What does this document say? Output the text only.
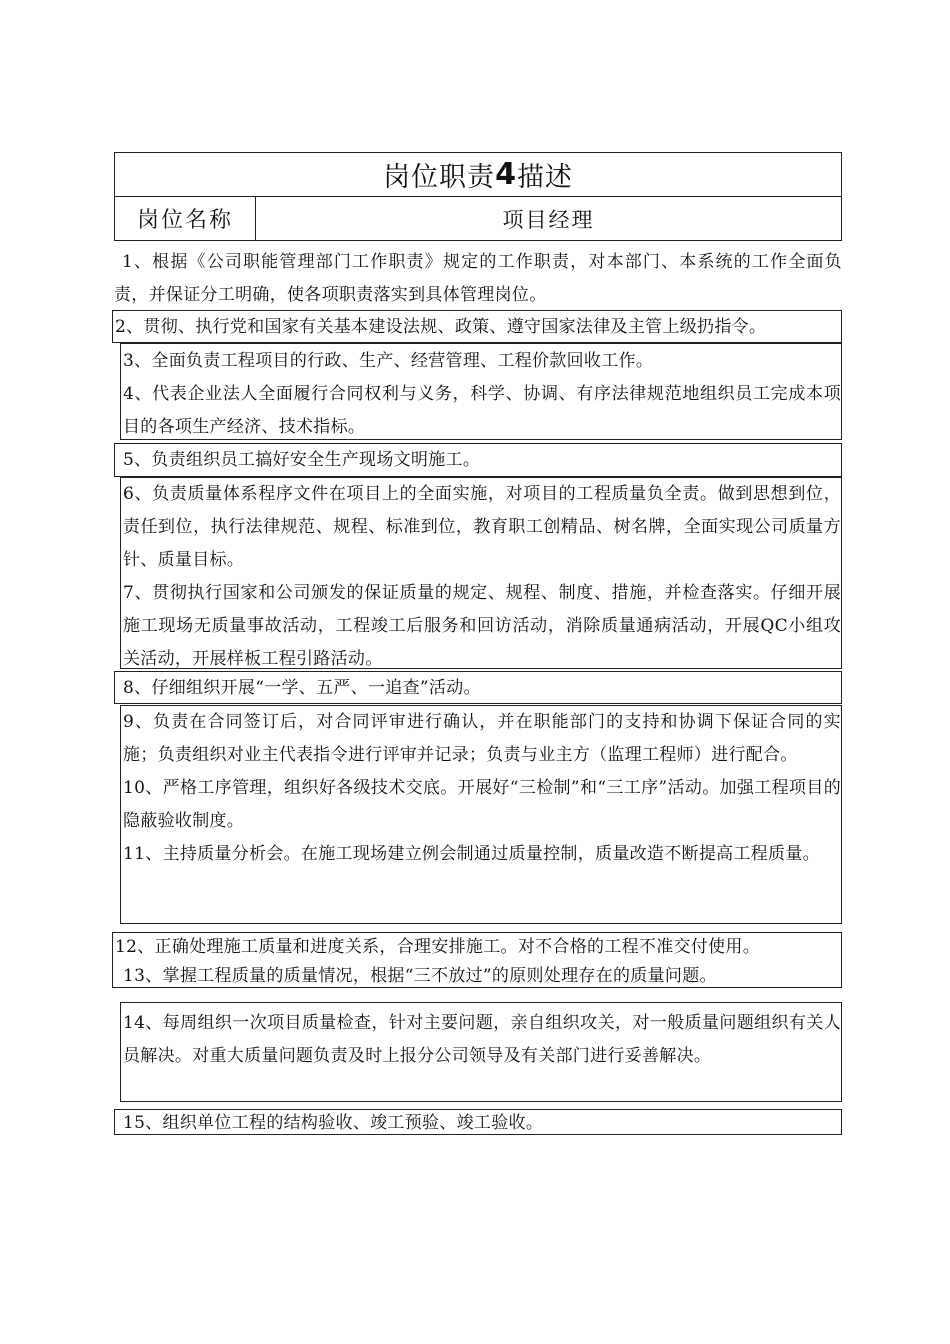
岗位职责 4 描述
岗位名称	项目经理

1、根据《公司职能管理部门工作职责》规定的工作职责，对本部门、本系统的工作全面负责，并保证分工明确，使各项职责落实到具体管理岗位。

2、贯彻、执行党和国家有关基本建设法规、政策、遵守国家法律及主管上级扔指令。

3、全面负责工程项目的行政、生产、经营管理、工程价款回收工作。

4、代表企业法人全面履行合同权利与义务，科学、协调、有序法律规范地组织员工完成本项目的各项生产经济、技术指标。

5、负责组织员工搞好安全生产现场文明施工。

6、负责质量体系程序文件在项目上的全面实施，对项目的工程质量负全责。做到思想到位，责任到位，执行法律规范、规程、标准到位，教育职工创精品、树名牌，全面实现公司质量方针、质量目标。

7、贯彻执行国家和公司颁发的保证质量的规定、规程、制度、措施，并检查落实。仔细开展施工现场无质量事故活动，工程竣工后服务和回访活动，消除质量通病活动，开展QC小组攻关活动，开展样板工程引路活动。

8、仔细组织开展“一学、五严、一追查”活动。

9、负责在合同签订后，对合同评审进行确认，并在职能部门的支持和协调下保证合同的实施；负责组织对业主代表指令进行评审并记录；负责与业主方（监理工程师）进行配合。

10、严格工序管理，组织好各级技术交底。开展好“三检制”和“三工序”活动。加强工程项目的隐蔽验收制度。

11、主持质量分析会。在施工现场建立例会制通过质量控制，质量改造不断提高工程质量。

12、正确处理施工质量和进度关系，合理安排施工。对不合格的工程不准交付使用。

13、掌握工程质量的质量情况，根据“三不放过”的原则处理存在的质量问题。

14、每周组织一次项目质量检查，针对主要问题，亲自组织攻关，对一般质量问题组织有关人员解决。对重大质量问题负责及时上报分公司领导及有关部门进行妥善解决。

15、组织单位工程的结构验收、竣工预验、竣工验收。
